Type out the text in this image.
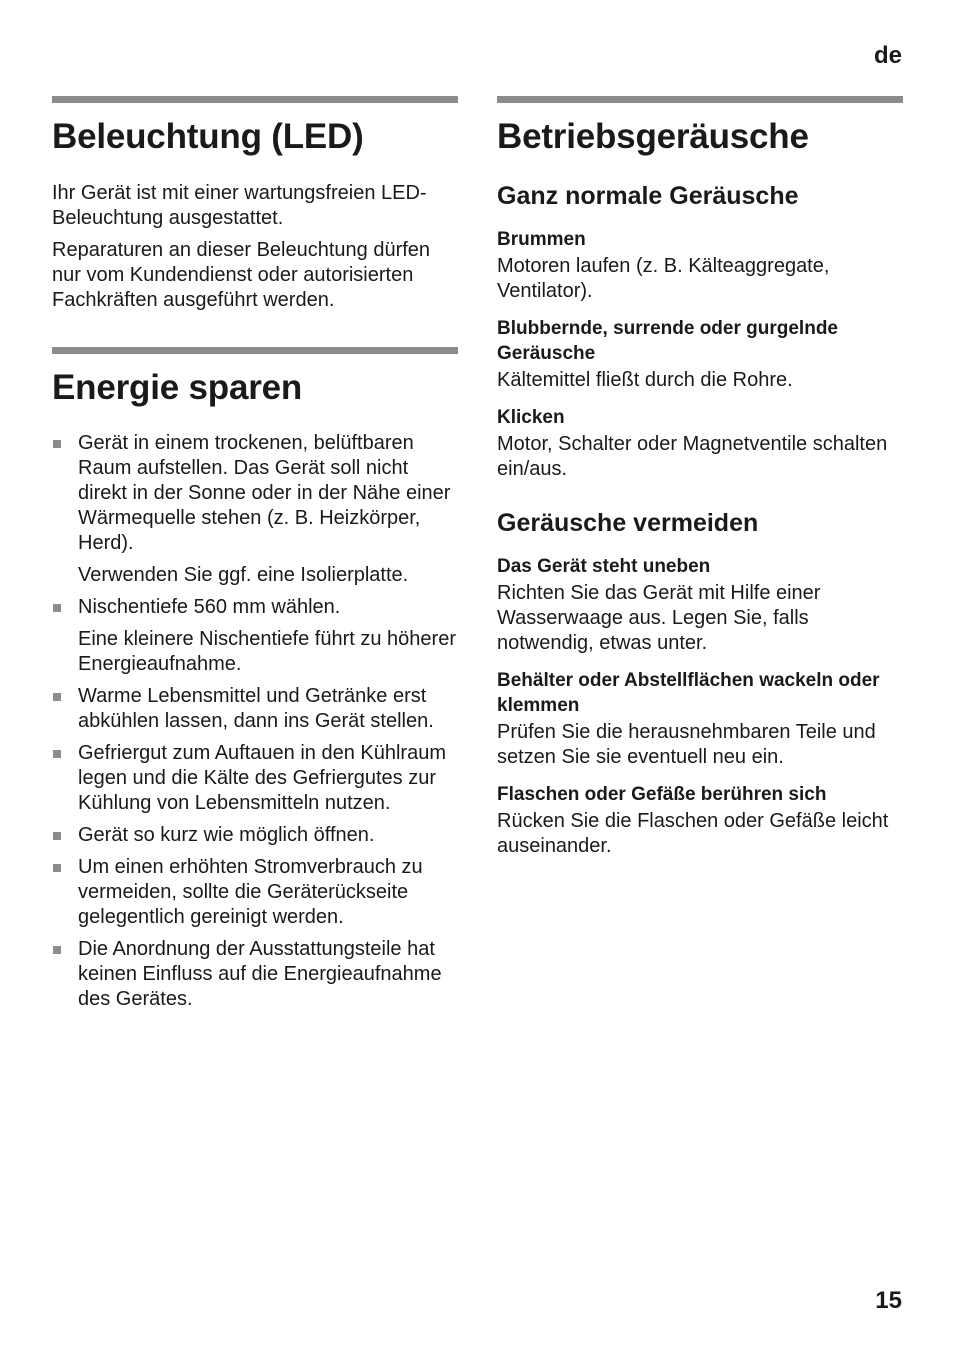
de
Beleuchtung (LED)

Ihr Gerät ist mit einer wartungsfreien LED-Beleuchtung ausgestattet.

Reparaturen an dieser Beleuchtung dürfen nur vom Kundendienst oder autorisierten Fachkräften ausgeführt werden.

Energie sparen
Gerät in einem trockenen, belüftbaren Raum aufstellen. Das Gerät soll nicht direkt in der Sonne oder in der Nähe einer Wärmequelle stehen (z. B. Heizkörper, Herd).
Verwenden Sie ggf. eine Isolierplatte.
Nischentiefe 560 mm wählen.
Eine kleinere Nischentiefe führt zu höherer Energieaufnahme.
Warme Lebensmittel und Getränke erst abkühlen lassen, dann ins Gerät stellen.
Gefriergut zum Auftauen in den Kühlraum legen und die Kälte des Gefriergutes zur Kühlung von Lebensmitteln nutzen.
Gerät so kurz wie möglich öffnen.
Um einen erhöhten Stromverbrauch zu vermeiden, sollte die Geräterückseite gelegentlich gereinigt werden.
Die Anordnung der Ausstattungsteile hat keinen Einfluss auf die Energieaufnahme des Gerätes.
Betriebsgeräusche
Ganz normale Geräusche
Brummen
Motoren laufen (z. B. Kälteaggregate, Ventilator).
Blubbernde, surrende oder gurgelnde Geräusche
Kältemittel fließt durch die Rohre.
Klicken
Motor, Schalter oder Magnetventile schalten ein/aus.
Geräusche vermeiden
Das Gerät steht uneben
Richten Sie das Gerät mit Hilfe einer Wasserwaage aus. Legen Sie, falls notwendig, etwas unter.
Behälter oder Abstellflächen wackeln oder klemmen
Prüfen Sie die herausnehmbaren Teile und setzen Sie sie eventuell neu ein.
Flaschen oder Gefäße berühren sich
Rücken Sie die Flaschen oder Gefäße leicht auseinander.
15
